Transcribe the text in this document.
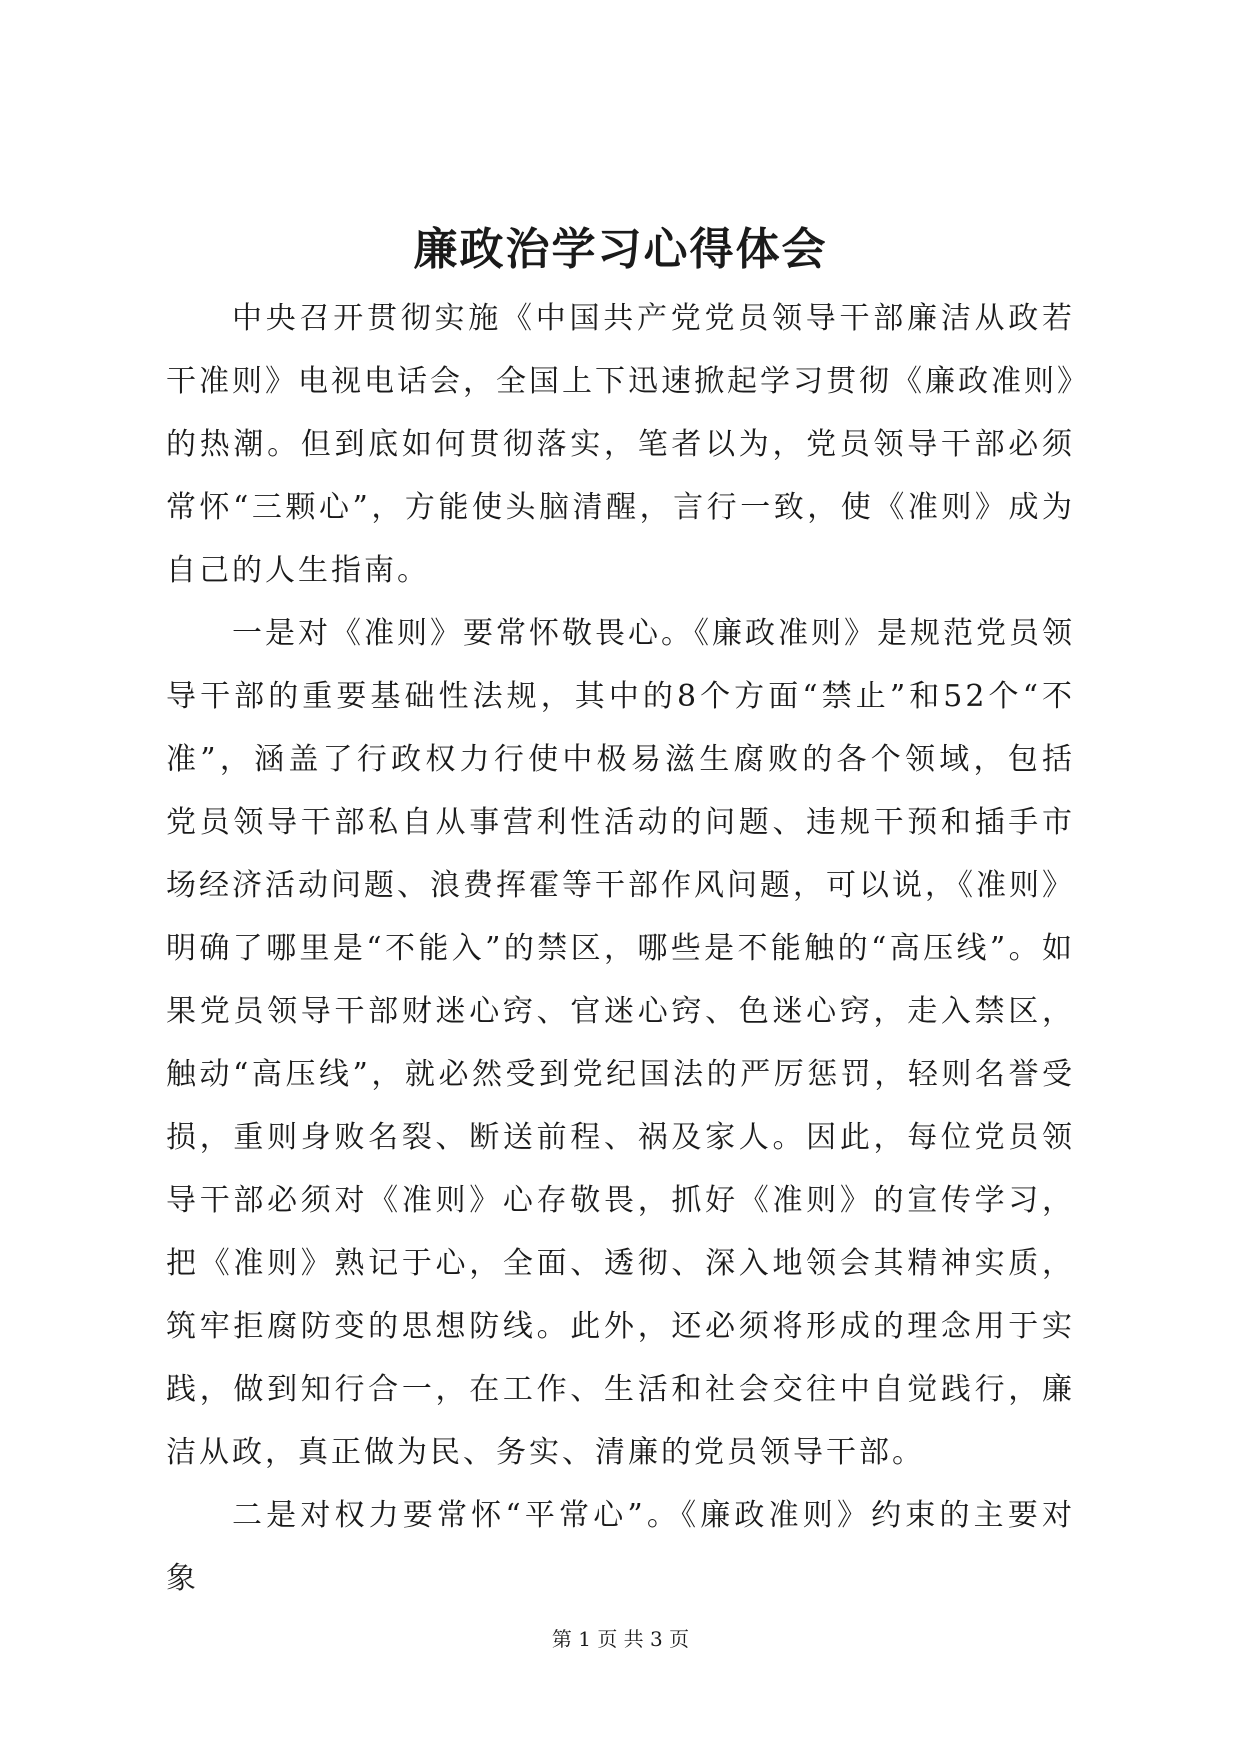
廉政治学习心得体会

中央召开贯彻实施《中国共产党党员领导干部廉洁从政若干准则》电视电话会，全国上下迅速掀起学习贯彻《廉政准则》的热潮。但到底如何贯彻落实，笔者以为，党员领导干部必须常怀“三颗心”，方能使头脑清醒，言行一致，使《准则》成为自己的人生指南。

一是对《准则》要常怀敬畏心。《廉政准则》是规范党员领导干部的重要基础性法规，其中的8个方面“禁止”和52个“不准”，涵盖了行政权力行使中极易滋生腐败的各个领域，包括党员领导干部私自从事营利性活动的问题、违规干预和插手市场经济活动问题、浪费挥霍等干部作风问题，可以说，《准则》明确了哪里是“不能入”的禁区，哪些是不能触的“高压线”。如果党员领导干部财迷心窍、官迷心窍、色迷心窍，走入禁区，触动“高压线”，就必然受到党纪国法的严厉惩罚，轻则名誉受损，重则身败名裂、断送前程、祸及家人。因此，每位党员领导干部必须对《准则》心存敬畏，抓好《准则》的宣传学习，把《准则》熟记于心，全面、透彻、深入地领会其精神实质，筑牢拒腐防变的思想防线。此外，还必须将形成的理念用于实践，做到知行合一，在工作、生活和社会交往中自觉践行，廉洁从政，真正做为民、务实、清廉的党员领导干部。

二是对权力要常怀“平常心”。《廉政准则》约束的主要对象

第 1 页 共 3 页
